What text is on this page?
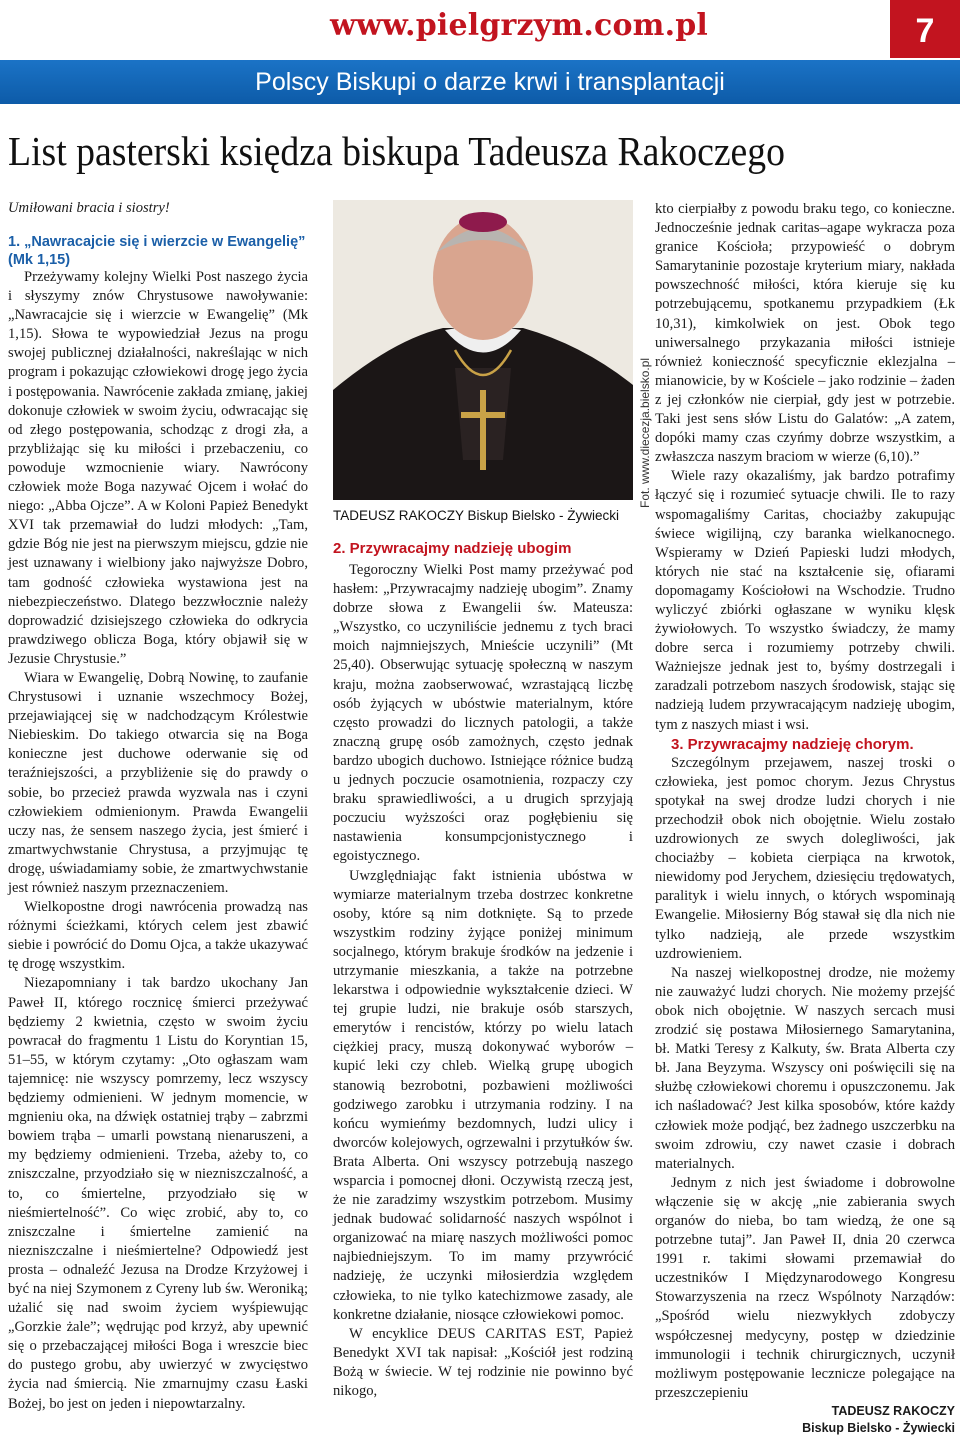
www.pielgrzym.com.pl	7
Polscy Biskupi o darze krwi i transplantacji
List pasterski księdza biskupa Tadeusza Rakoczego
Umiłowani bracia i siostry!
1. „Nawracajcie się i wierzcie w Ewangelię” (Mk 1,15)

Przeżywamy kolejny Wielki Post naszego życia i słyszymy znów Chrystusowe nawoływanie: „Nawracajcie się i wierzcie w Ewangelię” (Mk 1,15). Słowa te wypowiedział Jezus na progu swojej publicznej działalności, nakreślając w nich program i pokazując człowiekowi drogę jego życia i postępowania. Nawrócenie zakłada zmianę, jakiej dokonuje człowiek w swoim życiu, odwracając się od złego postępowania, schodząc z drogi zła, a przybliżając się ku miłości i przebaczeniu, co powoduje wzmocnienie wiary. Nawrócony człowiek może Boga nazywać Ojcem i wołać do niego: „Abba Ojcze”. A w Koloni Papież Benedykt XVI tak przemawiał do ludzi młodych: „Tam, gdzie Bóg nie jest na pierwszym miejscu, gdzie nie jest uznawany i wielbiony jako najwyższe Dobro, tam godność człowieka wystawiona jest na niebezpieczeństwo. Dlatego bezzwłocznie należy doprowadzić dzisiejszego człowieka do odkrycia prawdziwego oblicza Boga, który objawił się w Jezusie Chrystusie.”

Wiara w Ewangelię, Dobrą Nowinę, to zaufanie Chrystusowi i uznanie wszechmocy Bożej, przejawiającej się w nadchodzącym Królestwie Niebieskim. Do takiego otwarcia się na Boga konieczne jest duchowe oderwanie się od teraźniejszości, a przybliżenie się do prawdy o sobie, bo przecież prawda wyzwala nas i czyni człowiekiem odmienionym. Prawda Ewangelii uczy nas, że sensem naszego życia, jest śmierć i zmartwychwstanie Chrystusa, a przyjmując tę drogę, uświadamiamy sobie, że zmartwychwstanie jest również naszym przeznaczeniem.

Wielkopostne drogi nawrócenia prowadzą nas różnymi ścieżkami, których celem jest zbawić siebie i powrócić do Domu Ojca, a także ukazywać tę drogę wszystkim.

Niezapomniany i tak bardzo ukochany Jan Paweł II, którego rocznicę śmierci przeżywać będziemy 2 kwietnia, często w swoim życiu powracał do fragmentu 1 Listu do Koryntian 15, 51–55, w którym czytamy: „Oto ogłaszam wam tajemnicę: nie wszyscy pomrzemy, lecz wszyscy będziemy odmienieni. W jednym momencie, w mgnieniu oka, na dźwięk ostatniej trąby – zabrzmi bowiem trąba – umarli powstaną nienaruszeni, a my będziemy odmienieni. Trzeba, ażeby to, co zniszczalne, przyodziało się w niezniszczalność, a to, co śmiertelne, przyodziało się w nieśmiertelność”. Co więc zrobić, aby to, co zniszczalne i śmiertelne zamienić na niezniszczalne i nieśmiertelne? Odpowiedź jest prosta – odnaleźć Jezusa na Drodze Krzyżowej i być na niej Szymonem z Cyreny lub św. Weroniką; użalić się nad swoim życiem wyśpiewując „Gorzkie żale”; wędrując pod krzyż, aby upewnić się o przebaczającej miłości Boga i wreszcie biec do pustego grobu, aby uwierzyć w zwycięstwo życia nad śmiercią. Nie zmarnujmy czasu Łaski Bożej, bo jest on jeden i niepowtarzalny.

Fot. www.diecezja.bielsko.pl
TADEUSZ RAKOCZY Biskup Bielsko - Żywiecki
2. Przywracajmy nadzieję ubogim

Tegoroczny Wielki Post mamy przeżywać pod hasłem: „Przywracajmy nadzieję ubogim”. Znamy dobrze słowa z Ewangelii św. Mateusza: „Wszystko, co uczyniliście jednemu z tych braci moich najmniejszych, Mnieście uczynili” (Mt 25,40). Obserwując sytuację społeczną w naszym kraju, można zaobserwować, wzrastającą liczbę osób żyjących w ubóstwie materialnym, które często prowadzi do licznych patologii, a także znaczną grupę osób zamożnych, często jednak bardzo ubogich duchowo. Istniejące różnice budzą u jednych poczucie osamotnienia, rozpaczy czy braku sprawiedliwości, a u drugich sprzyjają poczuciu wyższości oraz pogłębieniu się nastawienia konsumpcjonistycznego i egoistycznego.

Uwzględniając fakt istnienia ubóstwa w wymiarze materialnym trzeba dostrzec konkretne osoby, które są nim dotknięte. Są to przede wszystkim rodziny żyjące poniżej minimum socjalnego, którym brakuje środków na jedzenie i utrzymanie mieszkania, a także na potrzebne lekarstwa i odpowiednie wykształcenie dzieci. W tej grupie ludzi, nie brakuje osób starszych, emerytów i rencistów, którzy po wielu latach ciężkiej pracy, muszą dokonywać wyborów – kupić leki czy chleb. Wielką grupę ubogich stanowią bezrobotni, pozbawieni możliwości godziwego zarobku i utrzymania rodziny. I na końcu wymieńmy bezdomnych, ludzi ulicy i dworców kolejowych, ogrzewalni i przytułków św. Brata Alberta. Oni wszyscy potrzebują naszego wsparcia i pomocnej dłoni. Oczywistą rzeczą jest, że nie zaradzimy wszystkim potrzebom. Musimy jednak budować solidarność naszych wspólnot i organizować na miarę naszych możliwości pomoc najbiedniejszym. To im mamy przywrócić nadzieję, że uczynki miłosierdzia względem człowieka, to nie tylko katechizmowe zasady, ale konkretne działanie, niosące człowiekowi pomoc.

W encyklice DEUS CARITAS EST, Papież Benedykt XVI tak napisał: „Kościół jest rodziną Bożą w świecie. W tej rodzinie nie powinno być nikogo,

kto cierpiałby z powodu braku tego, co konieczne. Jednocześnie jednak caritas–agape wykracza poza granice Kościoła; przypowieść o dobrym Samarytaninie pozostaje kryterium miary, nakłada powszechność miłości, która kieruje się ku potrzebującemu, spotkanemu przypadkiem (Łk 10,31), kimkolwiek on jest. Obok tego uniwersalnego przykazania miłości istnieje również konieczność specyficznie eklezjalna – mianowicie, by w Kościele – jako rodzinie – żaden z jej członków nie cierpiał, gdy jest w potrzebie. Taki jest sens słów Listu do Galatów: „A zatem, dopóki mamy czas czyńmy dobrze wszystkim, a zwłaszcza naszym braciom w wierze (6,10).”

Wiele razy okazaliśmy, jak bardzo potrafimy łączyć się i rozumieć sytuacje chwili. Ile to razy wspomagaliśmy Caritas, chociażby zakupując świece wigilijną, czy baranka wielkanocnego. Wspieramy w Dzień Papieski ludzi młodych, których nie stać na kształcenie się, ofiarami dopomagamy Kościołowi na Wschodzie. Trudno wyliczyć zbiórki ogłaszane w wyniku klęsk żywiołowych. To wszystko świadczy, że mamy dobre serca i rozumiemy potrzeby chwili. Ważniejsze jednak jest to, byśmy dostrzegali i zaradzali potrzebom naszych środowisk, stając się nadzieją ludem przywracającym nadzieję ubogim, tym z naszych miast i wsi.

3. Przywracajmy nadzieję chorym.

Szczególnym przejawem, naszej troski o człowieka, jest pomoc chorym. Jezus Chrystus spotykał na swej drodze ludzi chorych i nie przechodził obok nich obojętnie. Wielu zostało uzdrowionych ze swych dolegliwości, jak chociażby – kobieta cierpiąca na krwotok, niewidomy pod Jerychem, dziesięciu trędowatych, paralityk i wielu innych, o których wspominają Ewangelie. Miłosierny Bóg stawał się dla nich nie tylko nadzieją, ale przede wszystkim uzdrowieniem.

Na naszej wielkopostnej drodze, nie możemy nie zauważyć ludzi chorych. Nie możemy przejść obok nich obojętnie. W naszych sercach musi zrodzić się postawa Miłosiernego Samarytanina, bł. Matki Teresy z Kalkuty, św. Brata Alberta czy bł. Jana Beyzyma. Wszyscy oni poświęcili się na służbę człowiekowi choremu i opuszczonemu. Jak ich naśladować? Jest kilka sposobów, które każdy człowiek może podjąć, bez żadnego uszczerbku na swoim zdrowiu, czy nawet czasie i dobrach materialnych.

Jednym z nich jest świadome i dobrowolne włączenie się w akcję „nie zabierania swych organów do nieba, bo tam wiedzą, że one są potrzebne tutaj”. Jan Paweł II, dnia 20 czerwca 1991 r. takimi słowami przemawiał do uczestników I Międzynarodowego Kongresu Stowarzyszenia na rzecz Wspólnoty Narządów: „Spośród wielu niezwykłych zdobyczy współczesnej medycyny, postęp w dziedzinie immunologii i technik chirurgicznych, uczynił możliwym postępowanie lecznicze polegające na przeszczepieniu

TADEUSZ RAKOCZY

Biskup Bielsko - Żywiecki
